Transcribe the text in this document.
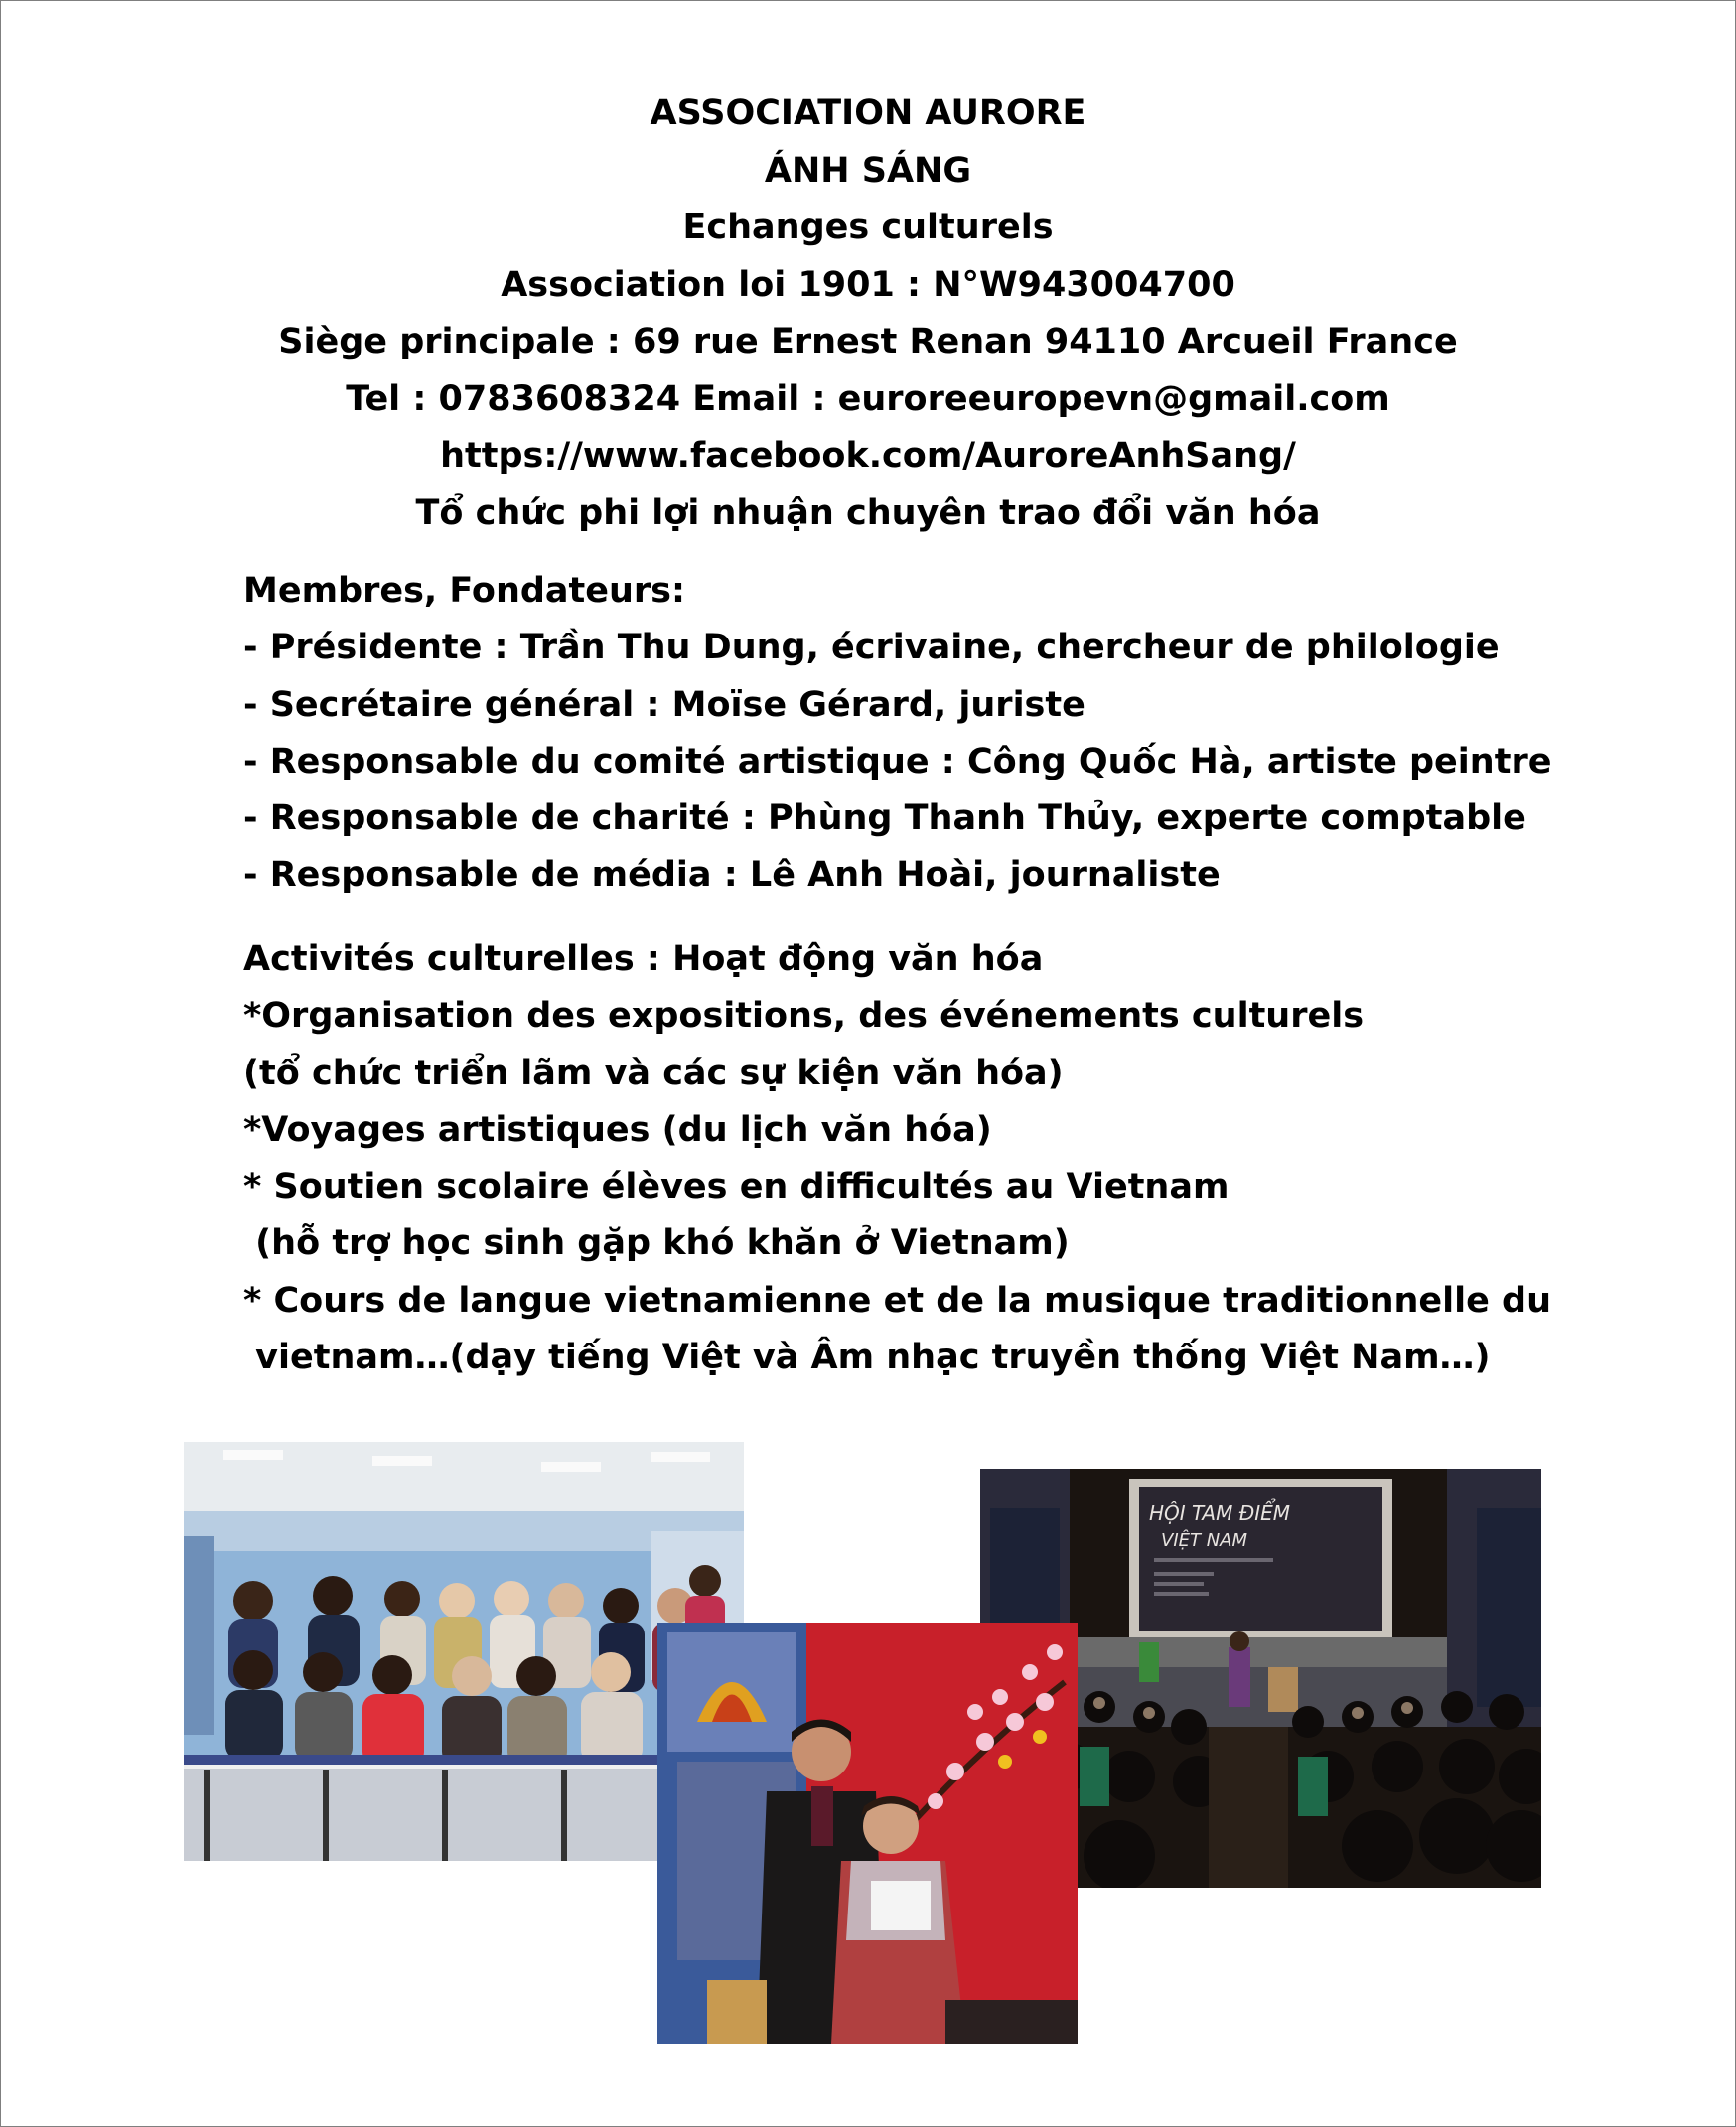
ASSOCIATION AURORE
ÁNH SÁNG
Echanges culturels
Association loi 1901 : N°W943004700
Siège principale : 69 rue Ernest Renan 94110 Arcueil France
Tel : 0783608324 Email : euroreeuropevn@gmail.com
https://www.facebook.com/AuroreAnhSang/
Tổ chức phi lợi nhuận chuyên trao đổi văn hóa
Membres, Fondateurs:
- Présidente : Trần Thu Dung, écrivaine, chercheur de philologie
- Secrétaire général : Moïse Gérard, juriste
- Responsable du comité artistique : Công Quốc Hà, artiste peintre
- Responsable de charité : Phùng Thanh Thủy, experte comptable
- Responsable de média : Lê Anh Hoài, journaliste
Activités culturelles : Hoạt động văn hóa
*Organisation des expositions, des événements culturels
(tổ chức triển lãm và các sự kiện văn hóa)
*Voyages artistiques (du lịch văn hóa)
* Soutien scolaire élèves en difficultés au Vietnam
(hỗ trợ học sinh gặp khó khăn ở Vietnam)
* Cours de langue vietnamienne et de la musique traditionnelle du
vietnam…(dạy tiếng Việt và Âm nhạc truyền thống Việt Nam…)
HỘI TAM ĐIỂM
VIỆT NAM
